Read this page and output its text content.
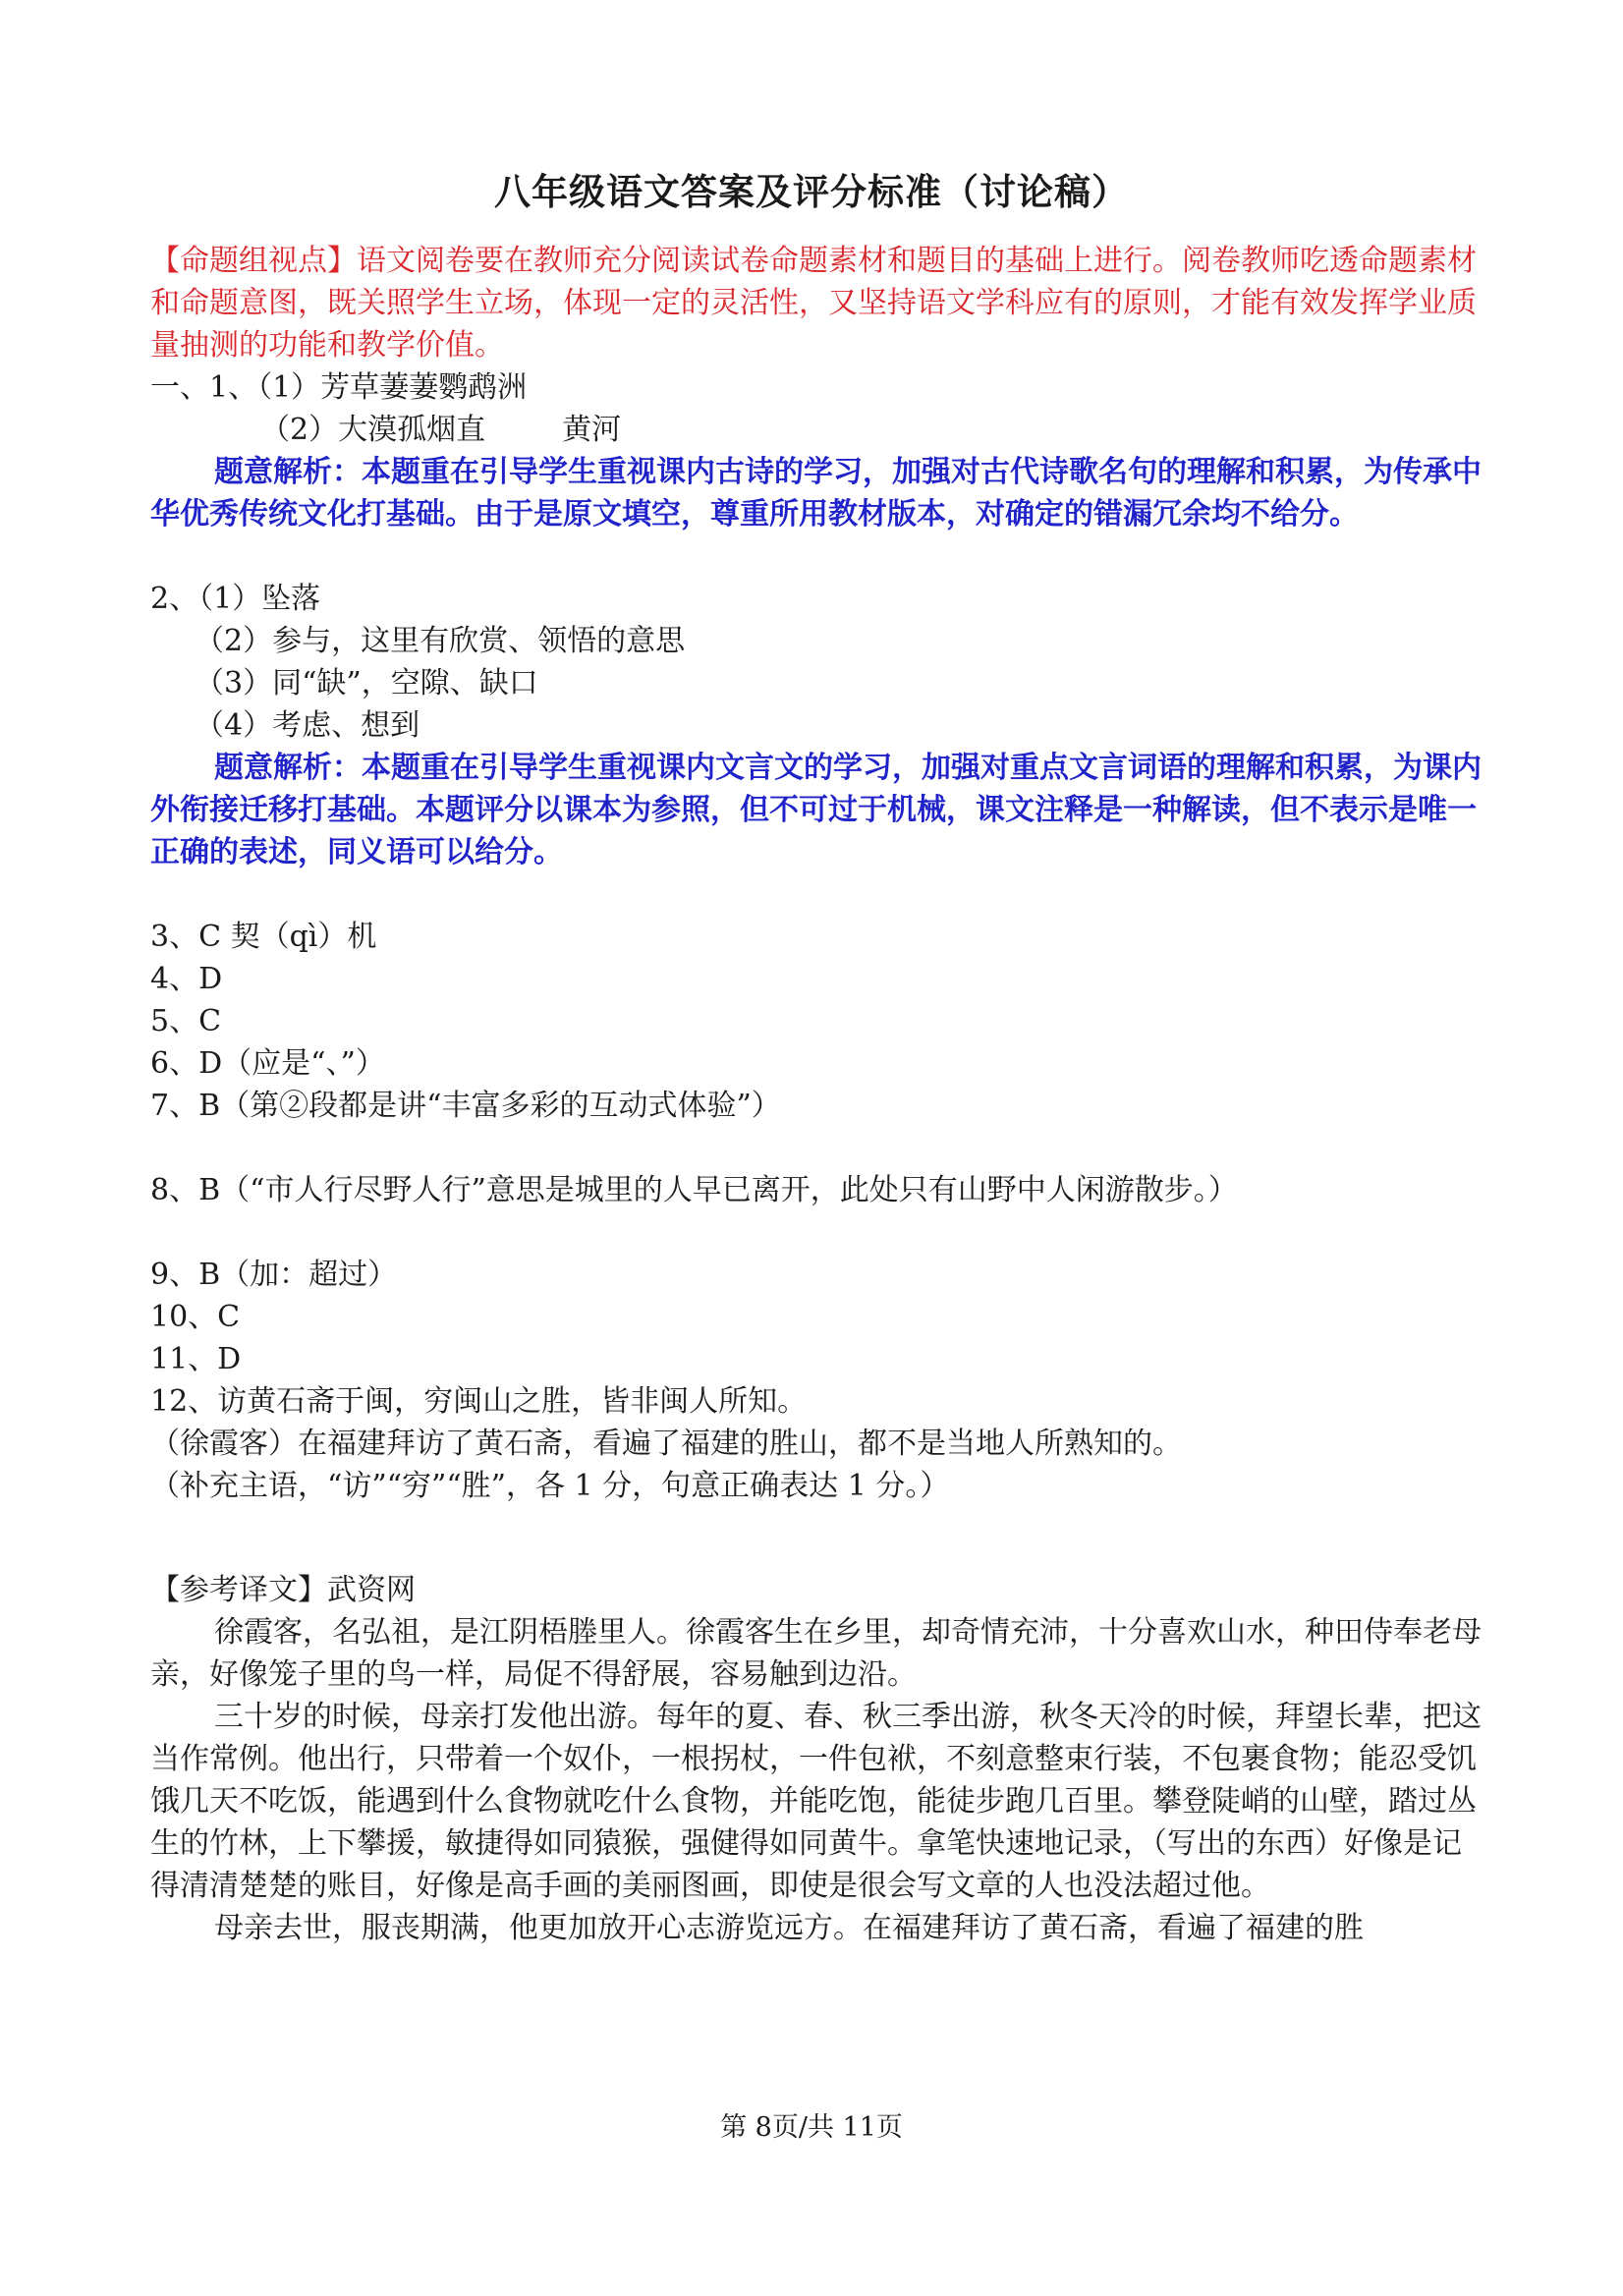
八年级语文答案及评分标准（讨论稿）
【命题组视点】语文阅卷要在教师充分阅读试卷命题素材和题目的基础上进行。阅卷教师吃透命题素材和命题意图，既关照学生立场，体现一定的灵活性，又坚持语文学科应有的原则，才能有效发挥学业质量抽测的功能和教学价值。
一、1、（1）芳草萋萋鹦鹉洲
（2）大漠孤烟直	黄河
题意解析：本题重在引导学生重视课内古诗的学习，加强对古代诗歌名句的理解和积累，为传承中华优秀传统文化打基础。由于是原文填空，尊重所用教材版本，对确定的错漏冗余均不给分。
2、（1）坠落
（2）参与，这里有欣赏、领悟的意思
（3）同“缺”，空隙、缺口
（4）考虑、想到
题意解析：本题重在引导学生重视课内文言文的学习，加强对重点文言词语的理解和积累，为课内外衔接迁移打基础。本题评分以课本为参照，但不可过于机械，课文注释是一种解读，但不表示是唯一正确的表述，同义语可以给分。
3、C 契（qì）机
4、D
5、C
6、D（应是“、”）
7、B（第②段都是讲“丰富多彩的互动式体验”）
8、B（“市人行尽野人行”意思是城里的人早已离开，此处只有山野中人闲游散步。）
9、B（加：超过）
10、C
11、D
12、访黄石斋于闽，穷闽山之胜，皆非闽人所知。
（徐霞客）在福建拜访了黄石斋，看遍了福建的胜山，都不是当地人所熟知的。
（补充主语，“访”“穷”“胜”，各 1 分，句意正确表达 1 分。）
【参考译文】武资网
徐霞客，名弘祖，是江阴梧塍里人。徐霞客生在乡里，却奇情充沛，十分喜欢山水，种田侍奉老母亲，好像笼子里的鸟一样，局促不得舒展，容易触到边沿。
三十岁的时候，母亲打发他出游。每年的夏、春、秋三季出游，秋冬天冷的时候，拜望长辈，把这当作常例。他出行，只带着一个奴仆，一根拐杖，一件包袱，不刻意整束行装，不包裹食物；能忍受饥饿几天不吃饭，能遇到什么食物就吃什么食物，并能吃饱，能徒步跑几百里。攀登陡峭的山壁，踏过丛生的竹林，上下攀援，敏捷得如同猿猴，强健得如同黄牛。拿笔快速地记录，（写出的东西）好像是记得清清楚楚的账目，好像是高手画的美丽图画，即使是很会写文章的人也没法超过他。
母亲去世，服丧期满，他更加放开心志游览远方。在福建拜访了黄石斋，看遍了福建的胜
第 8页/共 11页
